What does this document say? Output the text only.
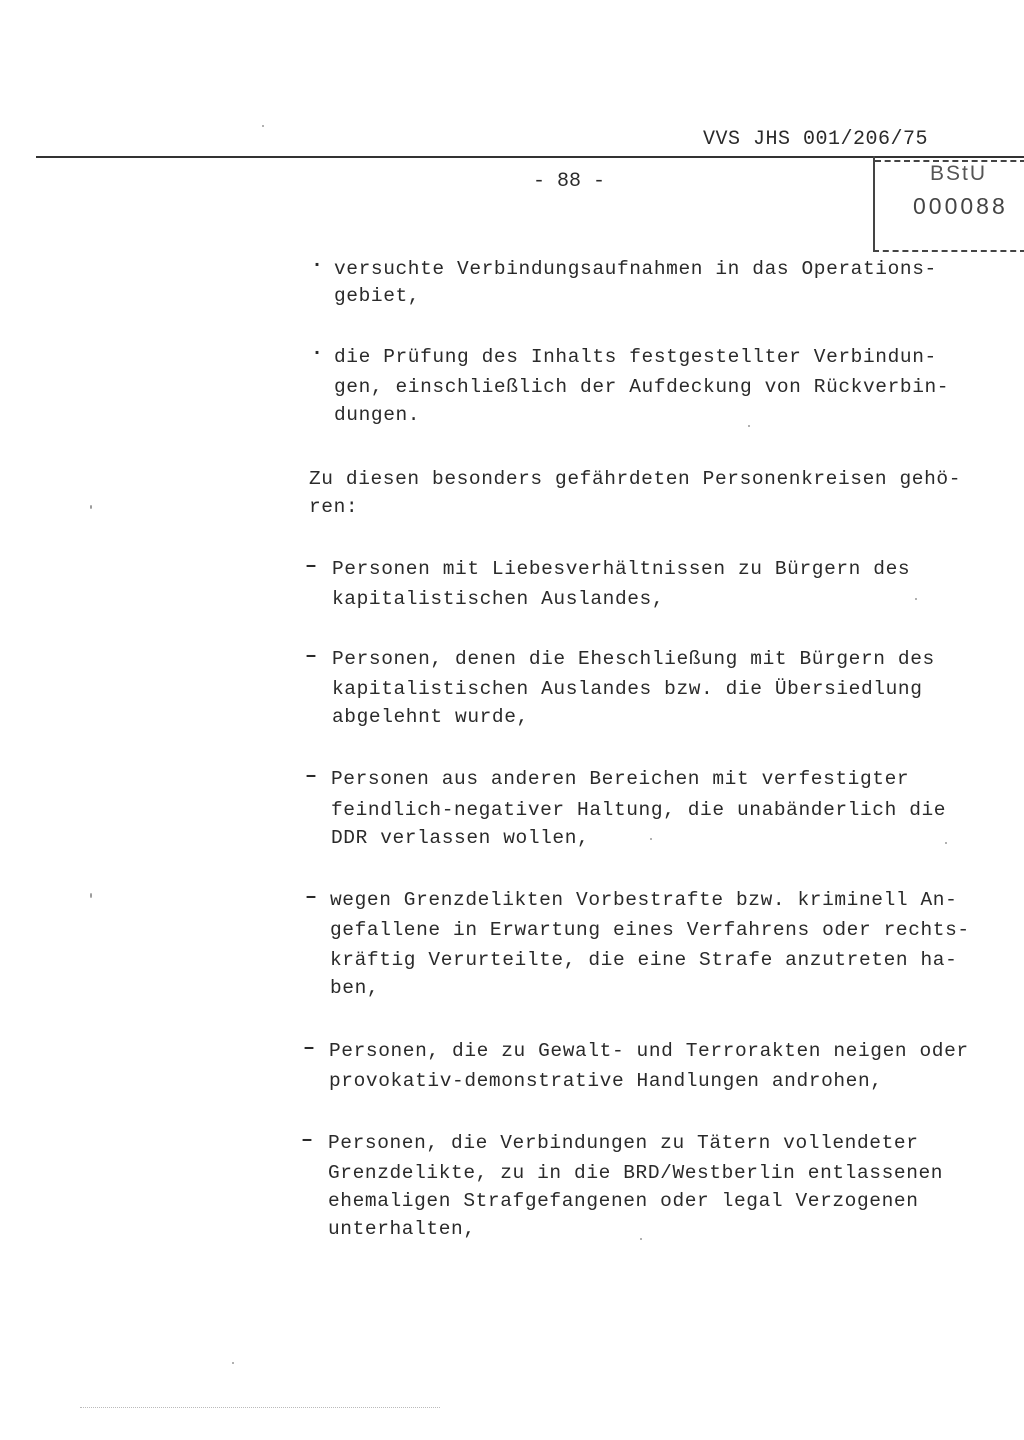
VVS JHS 001/206/75
- 88 -	BStU
000088
· versuchte Verbindungsaufnahmen in das Operations-
gebiet,
· die Prüfung des Inhalts festgestellter Verbindun-
gen, einschließlich der Aufdeckung von Rückverbin-
dungen.
Zu diesen besonders gefährdeten Personenkreisen gehö-
ren:
– Personen mit Liebesverhältnissen zu Bürgern des
kapitalistischen Auslandes,
– Personen, denen die Eheschließung mit Bürgern des
kapitalistischen Auslandes bzw. die Übersiedlung
abgelehnt wurde,
– Personen aus anderen Bereichen mit verfestigter
feindlich-negativer Haltung, die unabänderlich die
DDR verlassen wollen,
– wegen Grenzdelikten Vorbestrafte bzw. kriminell An-
gefallene in Erwartung eines Verfahrens oder rechts-
kräftig Verurteilte, die eine Strafe anzutreten ha-
ben,
– Personen, die zu Gewalt- und Terrorakten neigen oder
provokativ-demonstrative Handlungen androhen,
– Personen, die Verbindungen zu Tätern vollendeter
Grenzdelikte, zu in die BRD/Westberlin entlassenen
ehemaligen Strafgefangenen oder legal Verzogenen
unterhalten,
